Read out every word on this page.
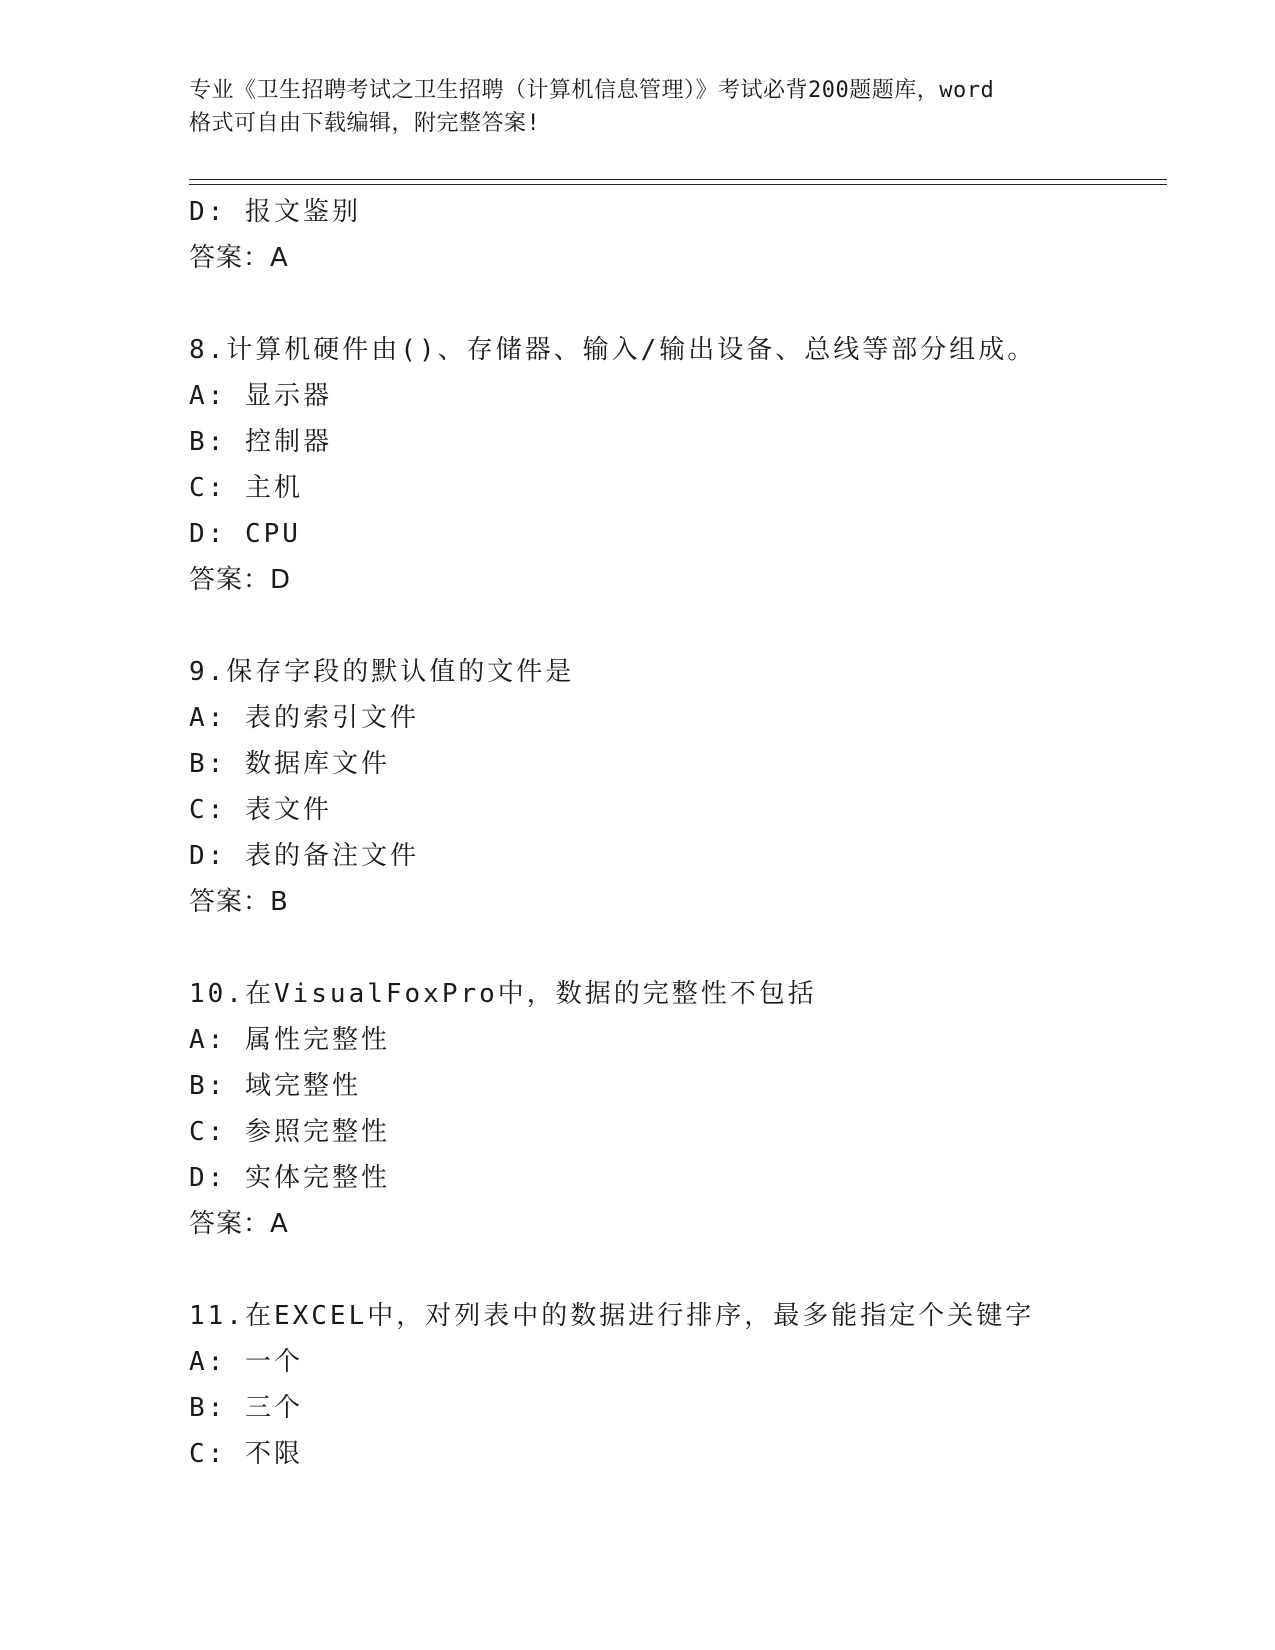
专业《卫生招聘考试之卫生招聘（计算机信息管理）》考试必背200题题库，word
格式可自由下载编辑，附完整答案!
D: 报文鉴别
答案：A
8.计算机硬件由()、存储器、输入/输出设备、总线等部分组成。
A: 显示器
B: 控制器
C: 主机
D: CPU
答案：D
9.保存字段的默认值的文件是
A: 表的索引文件
B: 数据库文件
C: 表文件
D: 表的备注文件
答案：B
10.在VisualFoxPro中，数据的完整性不包括
A: 属性完整性
B: 域完整性
C: 参照完整性
D: 实体完整性
答案：A
11.在EXCEL中，对列表中的数据进行排序，最多能指定个关键字
A: 一个
B: 三个
C: 不限
